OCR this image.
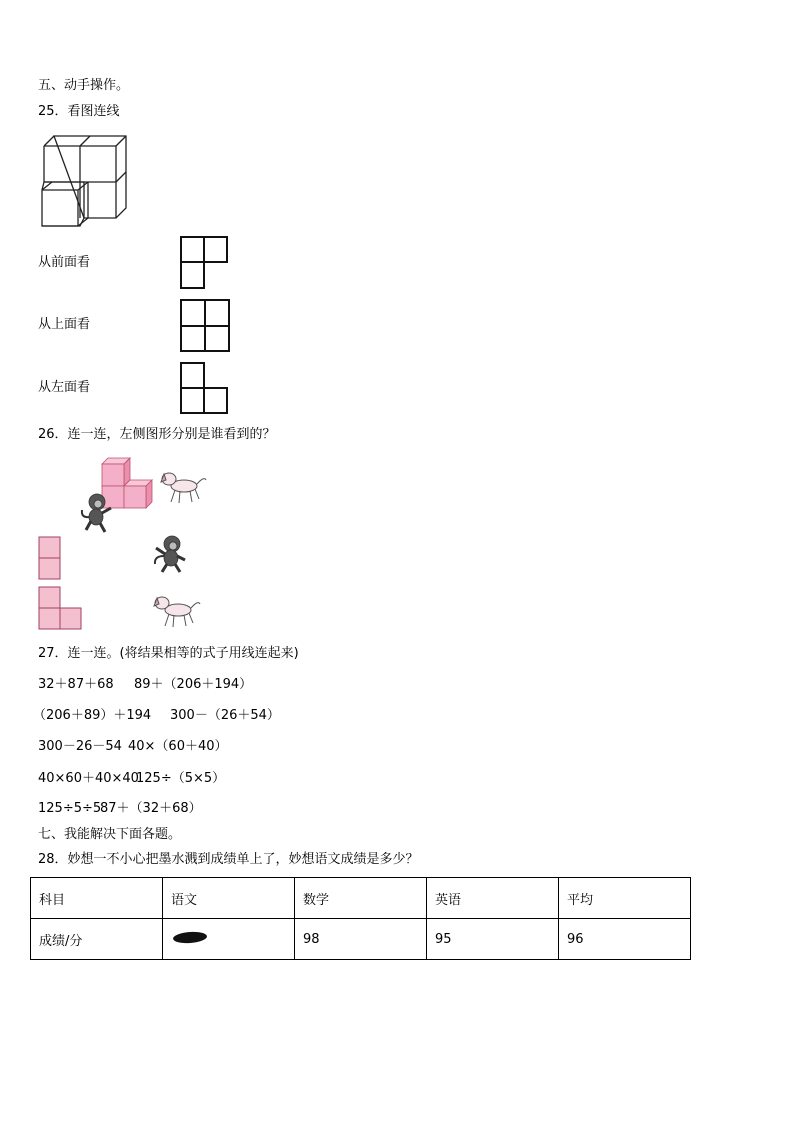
五、动手操作。
25．看图连线
从前面看
从上面看
从左面看
26．连一连，左侧图形分别是谁看到的？
27．连一连。(将结果相等的式子用线连起来)
32＋87＋68 89＋（206＋194）
（206＋89）＋194 300－（26＋54）
300－26－54 40×（60＋40）
40×60＋40×40
125÷（5×5）
125÷5÷5
87＋（32＋68）
七、我能解决下面各题。
28．妙想一不小心把墨水溅到成绩单上了，妙想语文成绩是多少？
科目	语文	数学	英语	平均
成绩/分		98	95	96
